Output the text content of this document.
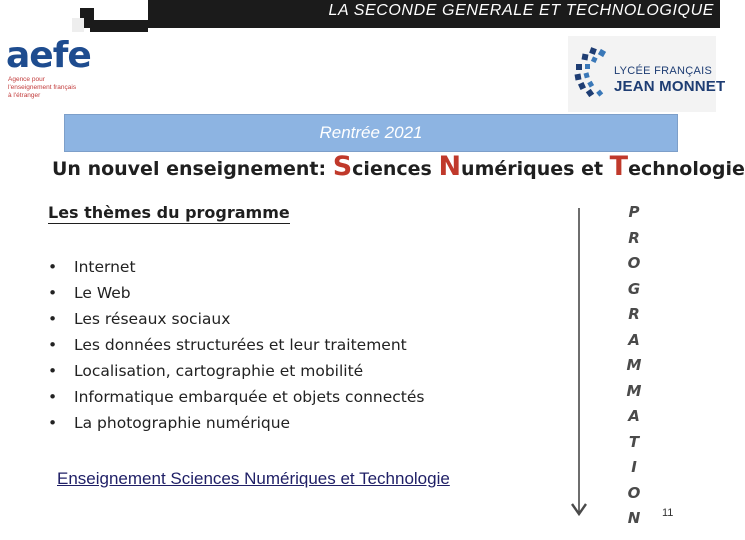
LA SECONDE GENERALE ET TECHNOLOGIQUE
aefe
Agence pour
l'enseignement français
à l'étranger
LYCÉE FRANÇAIS
JEAN MONNET
Rentrée 2021
Un nouvel enseignement: Sciences Numériques et Technologie
Les thèmes du programme
• Internet
• Le Web
• Les réseaux sociaux
• Les données structurées et leur traitement
• Localisation, cartographie et mobilité
• Informatique embarquée et objets connectés
• La photographie numérique
Enseignement Sciences Numériques et Technologie
P
R
O
G
R
A
M
M
A
T
I
O
N	11
